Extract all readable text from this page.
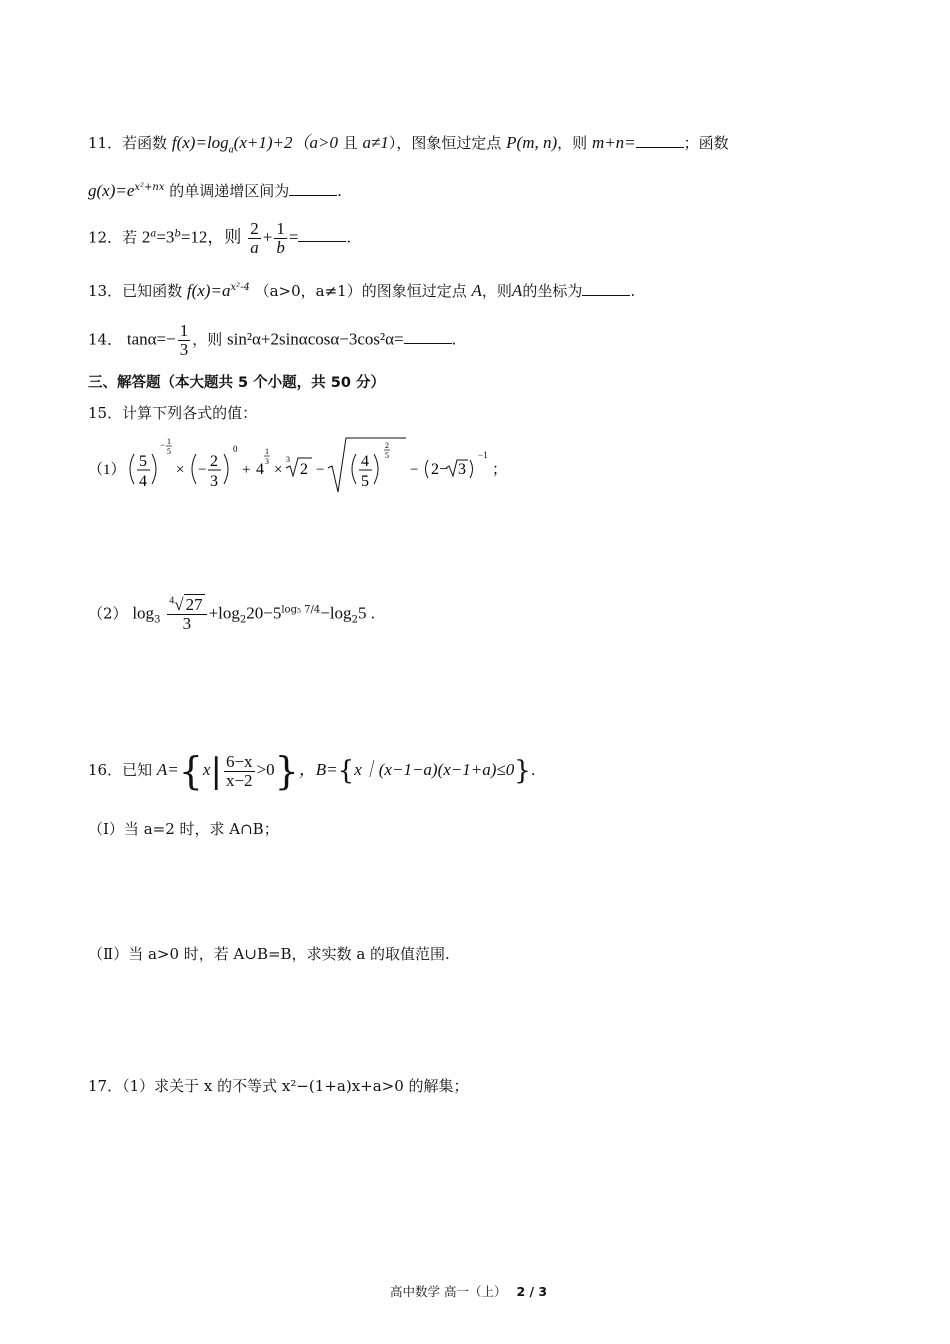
11．若函数 $f(x)=\log_a(x+1)+2(a>0$ 且 a≠1），图象恒过定点 P(m, n)，则 m+n=	；函数
$g(x)=e^{x^2+nx}$ 的单调递增区间为	.
12．若 $2^a=3^b=12$，则 $\frac{2}{a} + \frac{1}{b}$ =	.
13．已知函数 $f(x)=a^{x^2-4}$ （a>0，a≠1）的图象恒过定点 A，则A的坐标为	.
14． $\tan\alpha=- \frac{1}{3}$ ，则 sin²α+2sinαcosα−3cos²α=	.
三、解答题（本大题共 5 个小题，共 50 分）
15．计算下列各式的值：
（1） 5
4
− 1
5
× − 2
3
0
+ 4
1
3
×
3
2 − 4
5
2
5
− 2− 3
−1
；
（2） $\log_3 \frac{^4√ 27}{3} +\log_220-5^{log_5 7/4}-\log_25$ .
16．已知 $A=\{x| \frac{6-x}{x-2} >0\}$，B={x｜(x−1−a)(x−1+a)≤0}.
（Ⅰ）当 a=2 时，求 A∩B；
（Ⅱ）当 a>0 时，若 A∪B=B，求实数 a 的取值范围.
17．（1）求关于 x 的不等式 x²−(1+a)x+a>0 的解集；
高中数学 高一（上） 2 / 3
